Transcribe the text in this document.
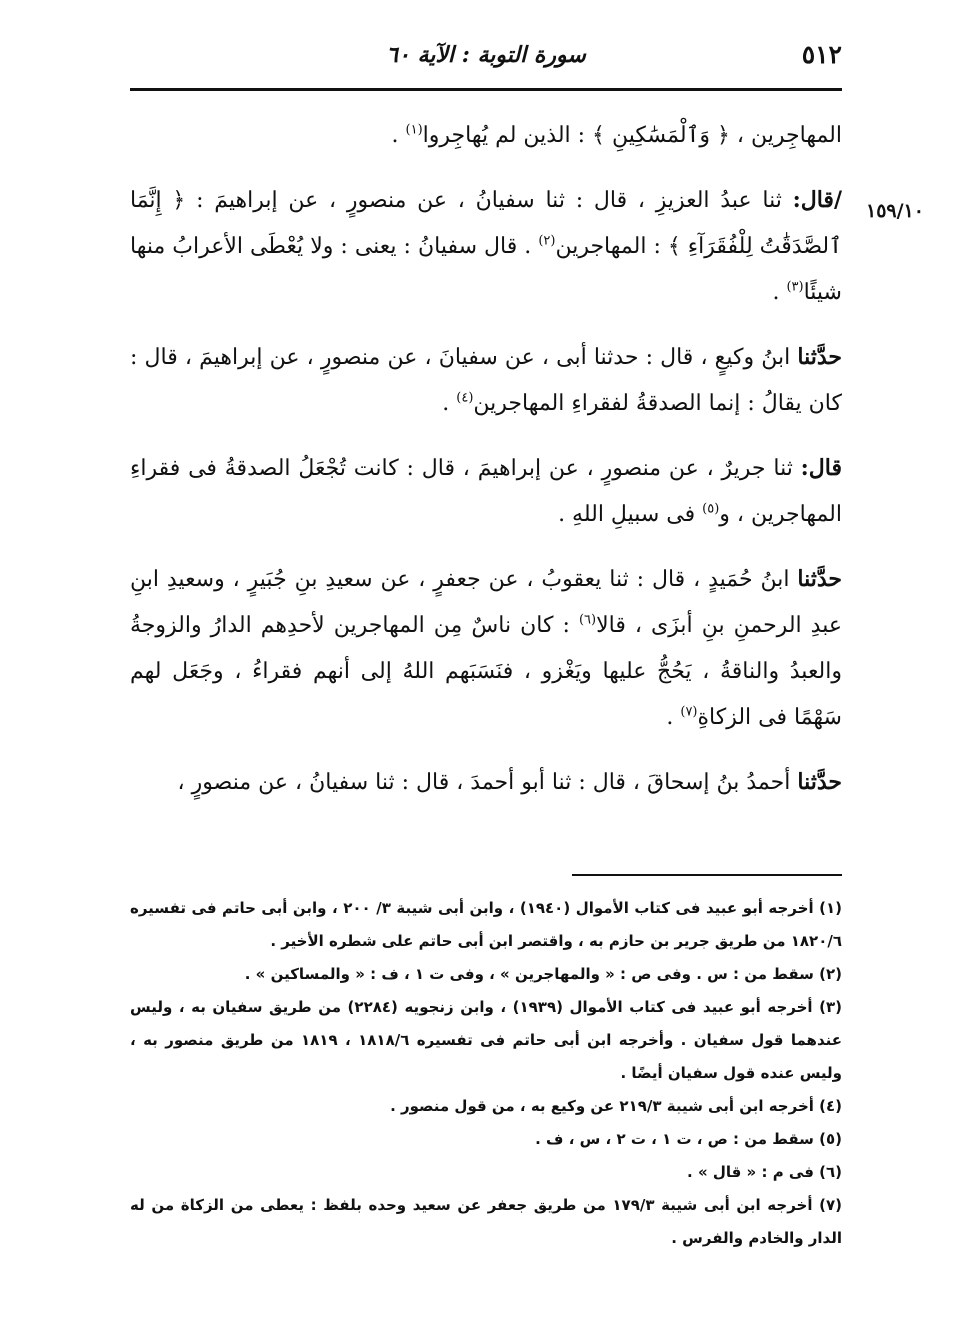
٥١٢
سورة التوبة : الآية ٦٠
١٥٩/١٠

المهاجِرين ، ﴿ وَٱلْمَسَٰكِينِ ﴾ : الذين لم يُهاجِروا$^{(١)}$ .

/قال: ثنا عبدُ العزيزِ ، قال : ثنا سفيانُ ، عن منصورٍ ، عن إبراهيمَ : ﴿ إِنَّمَا ٱلصَّدَقَٰتُ لِلْفُقَرَآءِ ﴾ : المهاجرين$^{(٢)}$ . قال سفيانُ : يعنى : ولا يُعْطَى الأعرابُ منها شيئًا$^{(٣)}$ .

حدَّثنا ابنُ وكيعٍ ، قال : حدثنا أبى ، عن سفيانَ ، عن منصورٍ ، عن إبراهيمَ ، قال : كان يقالُ : إنما الصدقةُ لفقراءِ المهاجرين$^{(٤)}$ .

قال: ثنا جريرٌ ، عن منصورٍ ، عن إبراهيمَ ، قال : كانت تُجْعَلُ الصدقةُ فى فقراءِ المهاجرين ، و$^{(٥)}$ فى سبيلِ اللهِ .

حدَّثنا ابنُ حُمَيدٍ ، قال : ثنا يعقوبُ ، عن جعفرٍ ، عن سعيدِ بنِ جُبَيرٍ ، وسعيدِ ابنِ عبدِ الرحمنِ بنِ أبزَى ، قالا$^{(٦)}$ : كان ناسٌ مِن المهاجرين لأحدِهم الدارُ والزوجةُ والعبدُ والناقةُ ، يَحُجُّ عليها ويَغْزو ، فنَسَبَهم اللهُ إلى أنهم فقراءُ ، وجَعَل لهم سَهْمًا فى الزكاةِ$^{(٧)}$ .

حدَّثنا أحمدُ بنُ إسحاقَ ، قال : ثنا أبو أحمدَ ، قال : ثنا سفيانُ ، عن منصورٍ ،

(١) أخرجه أبو عبيد فى كتاب الأموال (١٩٤٠) ، وابن أبى شيبة ٣/ ٢٠٠ ، وابن أبى حاتم فى تفسيره ١٨٢٠/٦ من طريق جرير بن حازم به ، واقتصر ابن أبى حاتم على شطره الأخير .

(٢) سقط من : س . وفى ص : « والمهاجرين » ، وفى ت ١ ، ف : « والمساكين » .

(٣) أخرجه أبو عبيد فى كتاب الأموال (١٩٣٩) ، وابن زنجويه (٢٢٨٤) من طريق سفيان به ، وليس عندهما قول سفيان . وأخرجه ابن أبى حاتم فى تفسيره ١٨١٨/٦ ، ١٨١٩ من طريق منصور به ، وليس عنده قول سفيان أيضًا .

(٤) أخرجه ابن أبى شيبة ٢١٩/٣ عن وكيع به ، من قول منصور .

(٥) سقط من : ص ، ت ١ ، ت ٢ ، س ، ف .

(٦) فى م : « قال » .

(٧) أخرجه ابن أبى شيبة ١٧٩/٣ من طريق جعفر عن سعيد وحده بلفظ : يعطى من الزكاة من له الدار والخادم والفرس .
